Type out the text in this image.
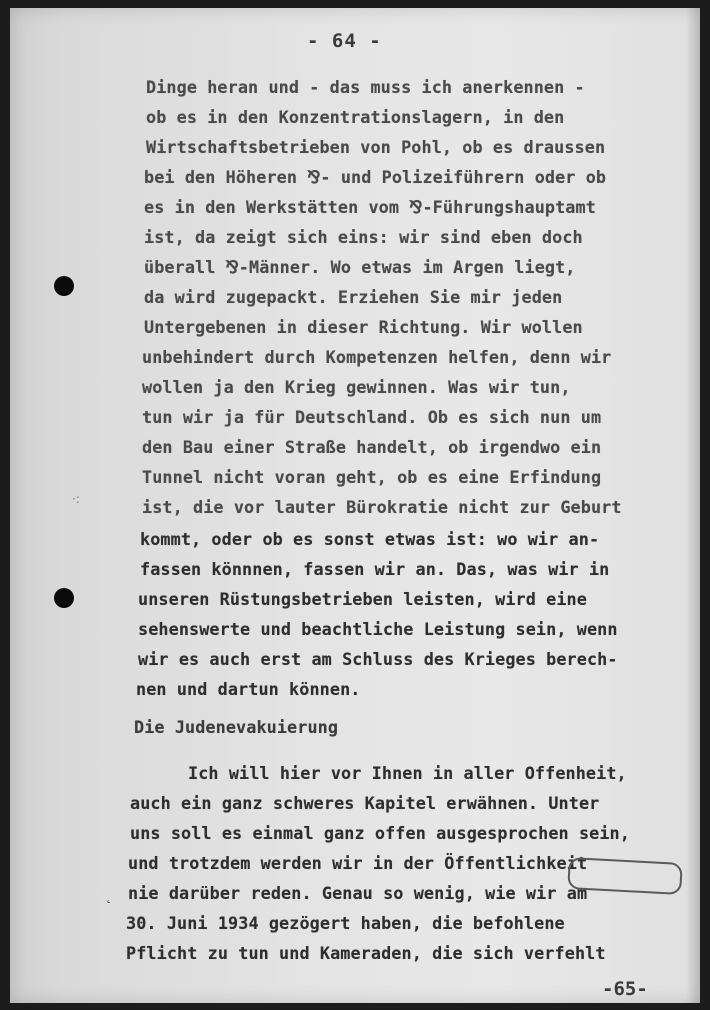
- 64 -
·:
˛
Dinge heran und - das muss ich anerkennen -
ob es in den Konzentrationslagern, in den
Wirtschaftsbetrieben von Pohl, ob es draussen
bei den Höheren ⅋- und Polizeiführern oder ob
es in den Werkstätten vom ⅋-Führungshauptamt
ist, da zeigt sich eins: wir sind eben doch
überall ⅋-Männer. Wo etwas im Argen liegt,
da wird zugepackt. Erziehen Sie mir jeden
Untergebenen in dieser Richtung. Wir wollen
unbehindert durch Kompetenzen helfen, denn wir
wollen ja den Krieg gewinnen. Was wir tun,
tun wir ja für Deutschland. Ob es sich nun um
den Bau einer Straße handelt, ob irgendwo ein
Tunnel nicht voran geht, ob es eine Erfindung
ist, die vor lauter Bürokratie nicht zur Geburt
kommt, oder ob es sonst etwas ist: wo wir an-
fassen könnnen, fassen wir an. Das, was wir in
unseren Rüstungsbetrieben leisten, wird eine
sehenswerte und beachtliche Leistung sein, wenn
wir es auch erst am Schluss des Krieges berech-
nen und dartun können.
Die Judenevakuierung
Ich will hier vor Ihnen in aller Offenheit,
auch ein ganz schweres Kapitel erwähnen. Unter
uns soll es einmal ganz offen ausgesprochen sein,
und trotzdem werden wir in der Öffentlichkeit
nie darüber reden. Genau so wenig, wie wir am
30. Juni 1934 gezögert haben, die befohlene
Pflicht zu tun und Kameraden, die sich verfehlt
-65-
